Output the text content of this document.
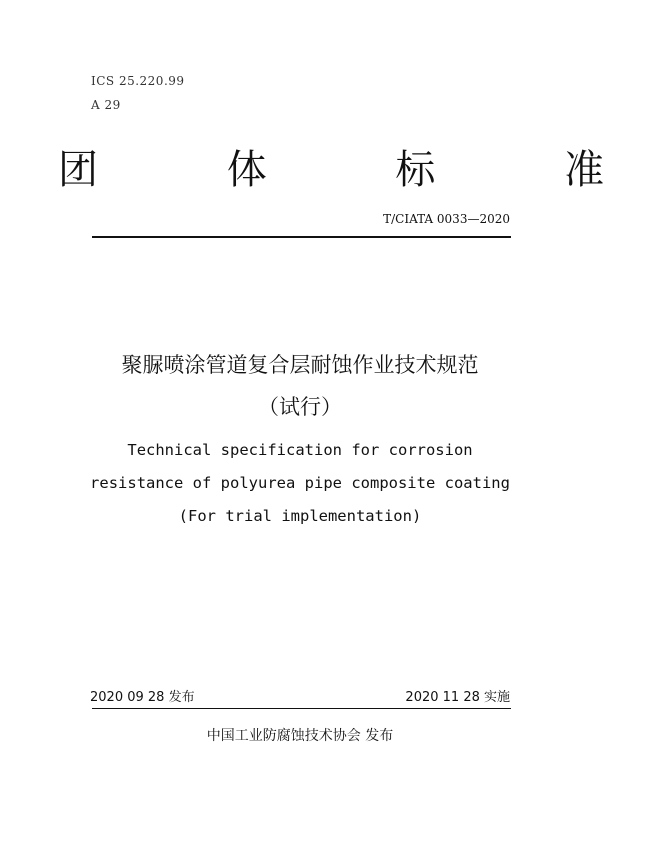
ICS 25.220.99
A 29
团 体 标 准
T/CIATA 0033—2020
聚脲喷涂管道复合层耐蚀作业技术规范
（试行）
Technical specification for corrosion resistance of polyurea pipe composite coating (For trial implementation)
2020 09 28 发布	2020 11 28 实施
中国工业防腐蚀技术协会 发布
